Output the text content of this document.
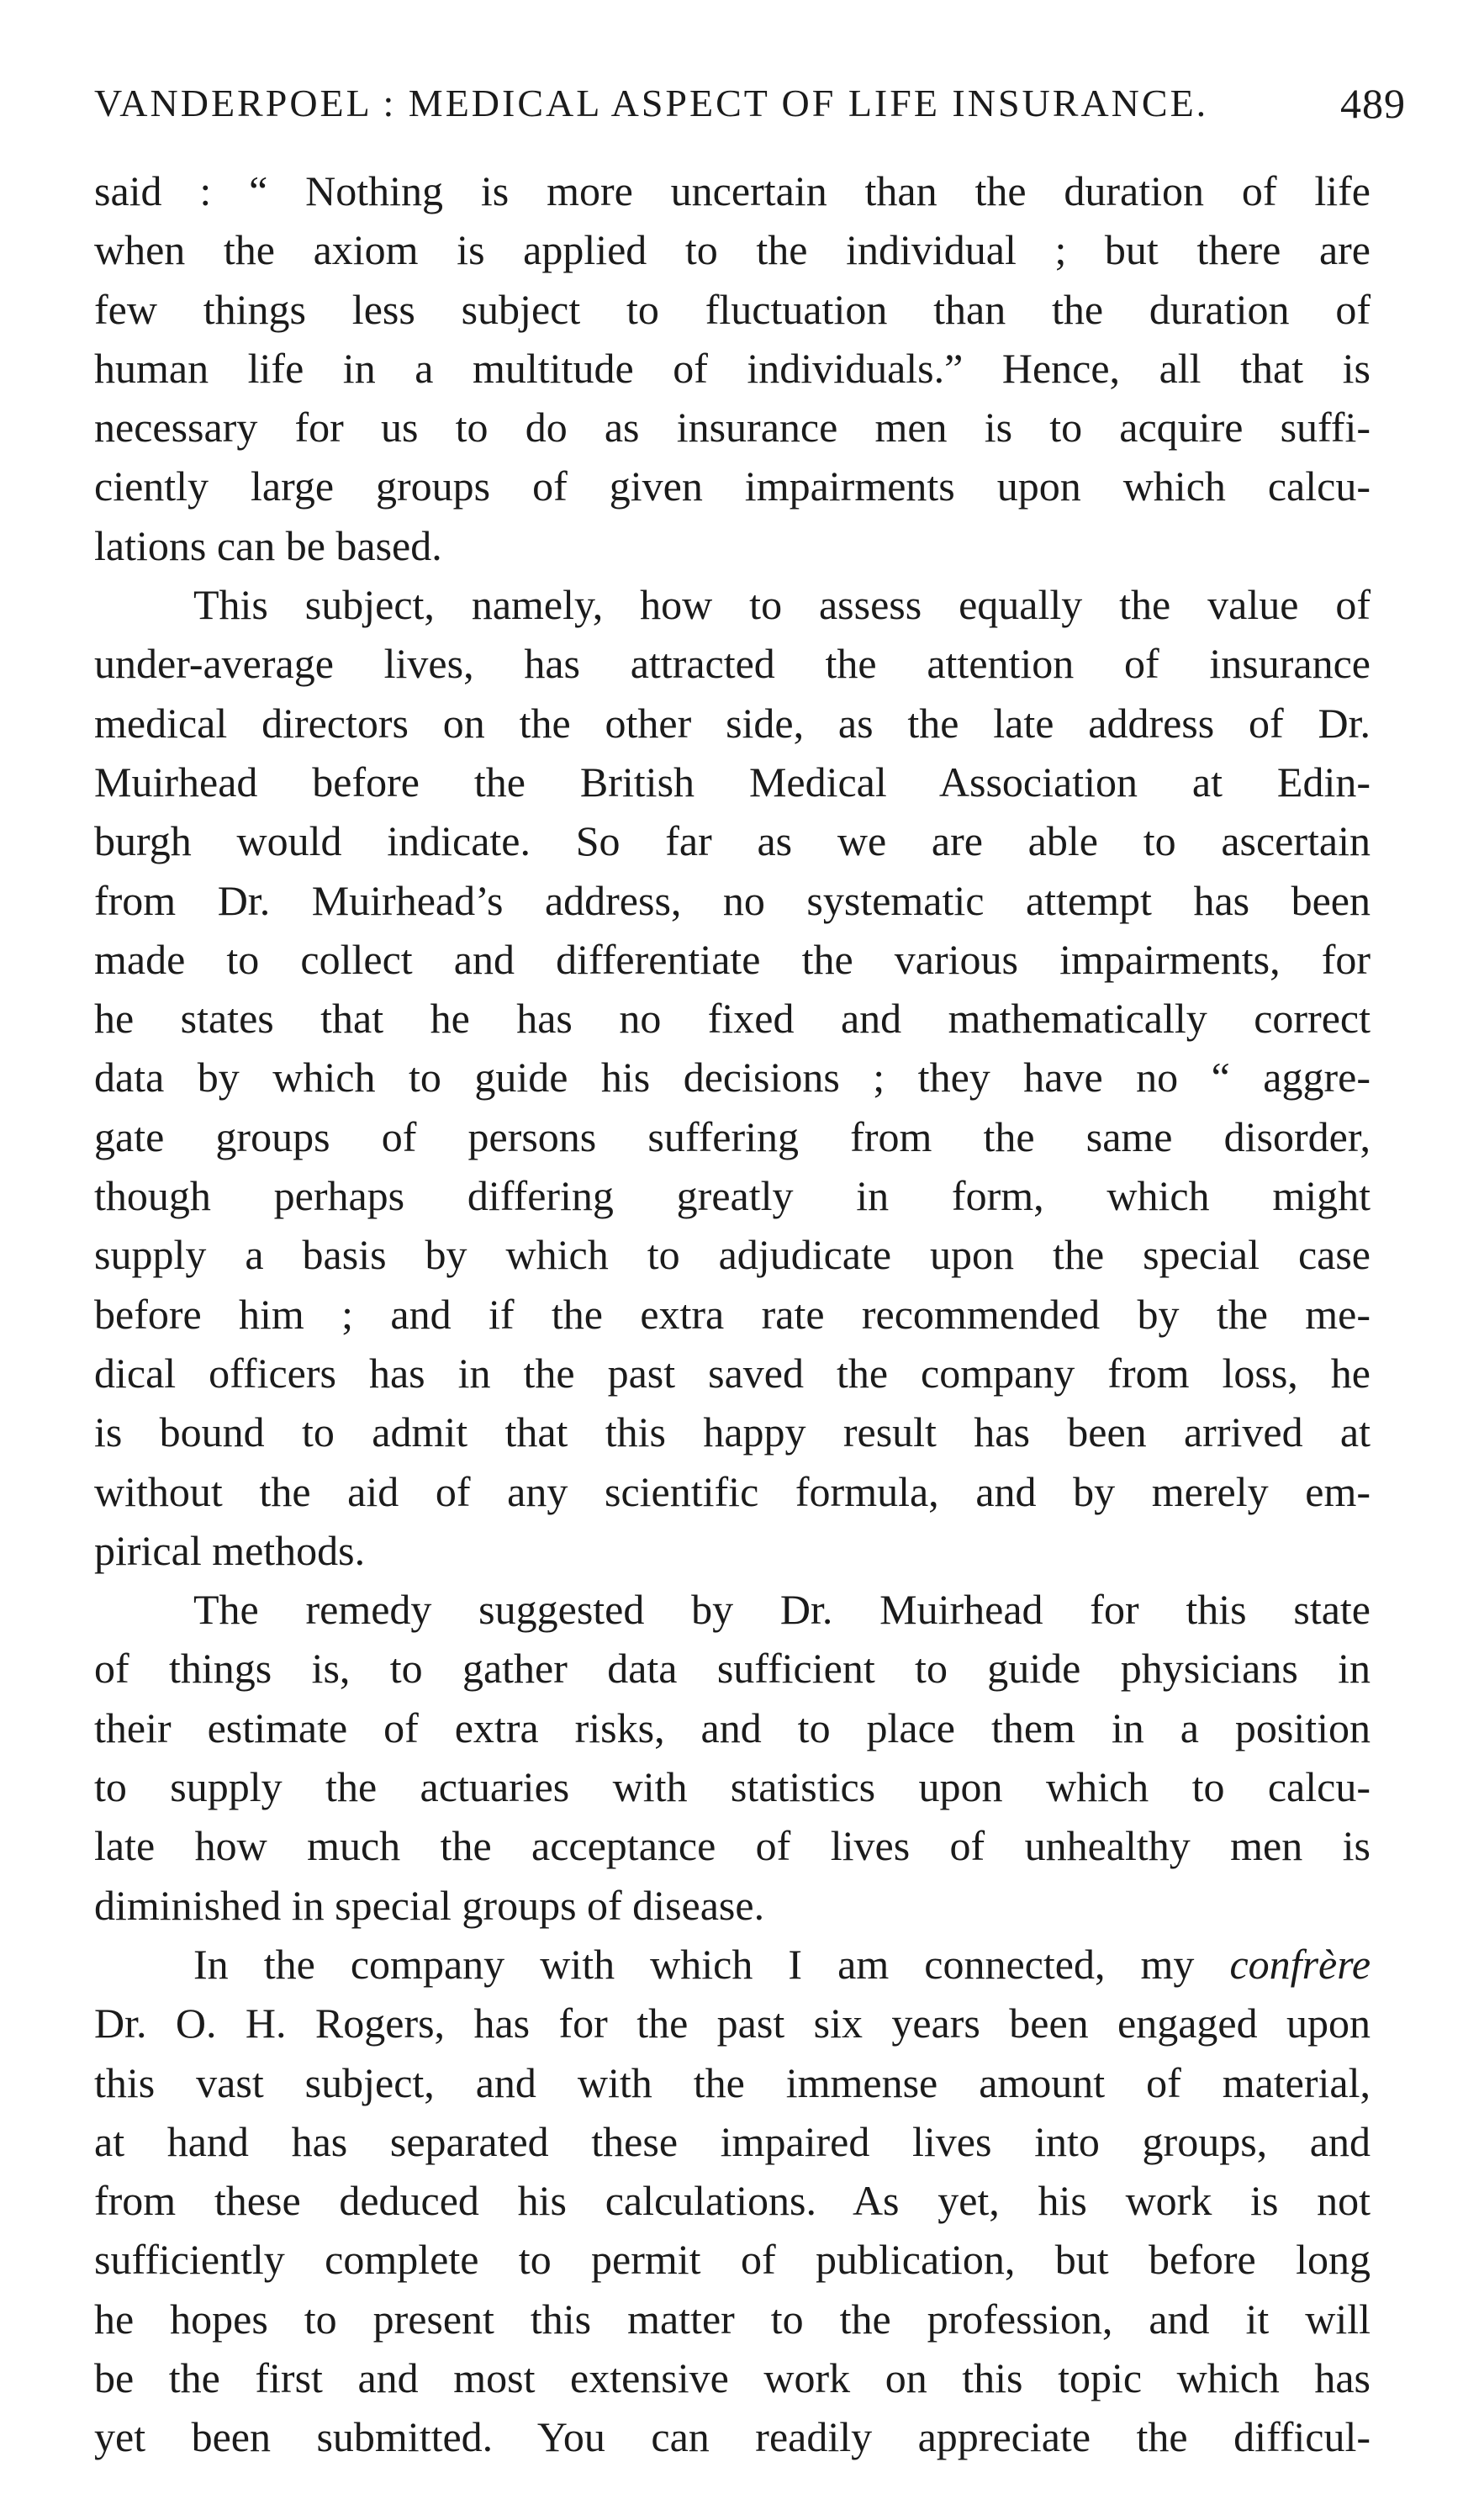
VANDERPOEL : MEDICAL ASPECT OF LIFE INSURANCE.	489
said : “ Nothing is more uncertain than the duration of life
when the axiom is applied to the individual ; but there are
few things less subject to fluctuation than the duration of
human life in a multitude of individuals.” Hence, all that is
necessary for us to do as insurance men is to acquire suffi-
ciently large groups of given impairments upon which calcu-
lations can be based.
This subject, namely, how to assess equally the value of
under-average lives, has attracted the attention of insurance
medical directors on the other side, as the late address of Dr.
Muirhead before the British Medical Association at Edin-
burgh would indicate. So far as we are able to ascertain
from Dr. Muirhead’s address, no systematic attempt has been
made to collect and differentiate the various impairments, for
he states that he has no fixed and mathematically correct
data by which to guide his decisions ; they have no “ aggre-
gate groups of persons suffering from the same disorder,
though perhaps differing greatly in form, which might
supply a basis by which to adjudicate upon the special case
before him ; and if the extra rate recommended by the me-
dical officers has in the past saved the company from loss, he
is bound to admit that this happy result has been arrived at
without the aid of any scientific formula, and by merely em-
pirical methods.
The remedy suggested by Dr. Muirhead for this state
of things is, to gather data sufficient to guide physicians in
their estimate of extra risks, and to place them in a position
to supply the actuaries with statistics upon which to calcu-
late how much the acceptance of lives of unhealthy men is
diminished in special groups of disease.
In the company with which I am connected, my confrère
Dr. O. H. Rogers, has for the past six years been engaged upon
this vast subject, and with the immense amount of material,
at hand has separated these impaired lives into groups, and
from these deduced his calculations. As yet, his work is not
sufficiently complete to permit of publication, but before long
he hopes to present this matter to the profession, and it will
be the first and most extensive work on this topic which has
yet been submitted. You can readily appreciate the difficul-
